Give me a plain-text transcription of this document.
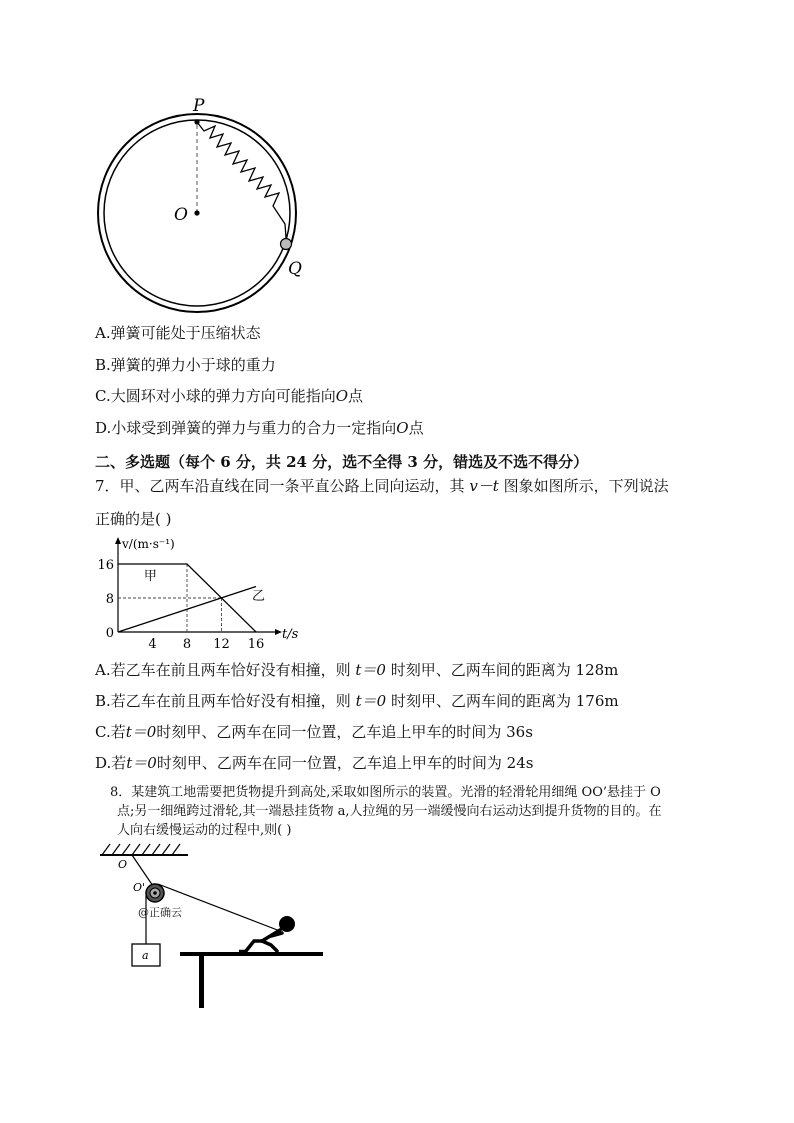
P
O
Q
A.弹簧可能处于压缩状态
B.弹簧的弹力小于球的重力
C.大圆环对小球的弹力方向可能指向O点
D.小球受到弹簧的弹力与重力的合力一定指向O点
二、多选题（每个 6 分，共 24 分，选不全得 3 分，错选及不选不得分）
7．甲、乙两车沿直线在同一条平直公路上同向运动，其 v－t 图象如图所示，下列说法
正确的是( )
甲
乙
4 8 12 16
0
8
16
t/s
v/(m·s⁻¹)
A.若乙车在前且两车恰好没有相撞，则 t＝0 时刻甲、乙两车间的距离为 128m
B.若乙车在前且两车恰好没有相撞，则 t＝0 时刻甲、乙两车间的距离为 176m
C.若t＝0时刻甲、乙两车在同一位置，乙车追上甲车的时间为 36s
D.若t＝0时刻甲、乙两车在同一位置，乙车追上甲车的时间为 24s
8．某建筑工地需要把货物提升到高处,采取如图所示的装置。光滑的轻滑轮用细绳 OO’悬挂于 O
点;另一细绳跨过滑轮,其一端悬挂货物 a,人拉绳的另一端缓慢向右运动达到提升货物的目的。在
人向右缓慢运动的过程中,则( )
a
O
O'
@正确云
